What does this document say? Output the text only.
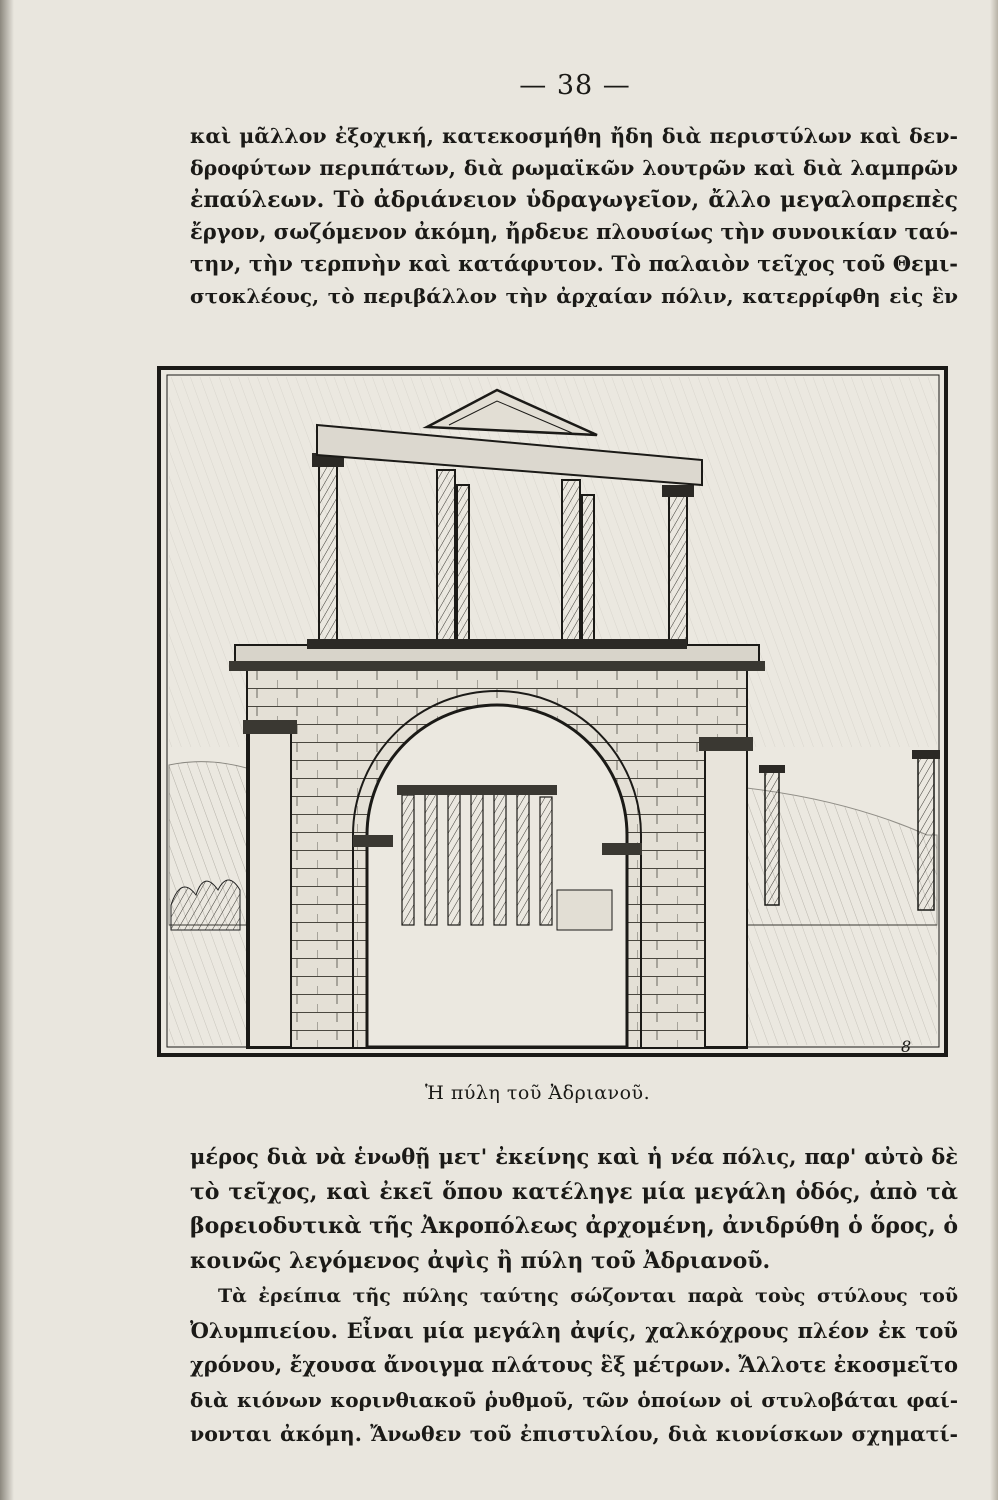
— 38 —

καὶ μᾶλλον ἐξοχική, κατεκοσμήθη ἤδη διὰ περιστύλων καὶ δεν-
δροφύτων περιπάτων, διὰ ρωμαϊκῶν λουτρῶν καὶ διὰ λαμπρῶν
ἐπαύλεων. Τὸ ἀδριάνειον ὑδραγωγεῖον, ἄλλο μεγαλοπρεπὲς
ἔργον, σωζόμενον ἀκόμη, ἤρδευε πλουσίως τὴν συνοικίαν ταύ-
την, τὴν τερπνὴν καὶ κατάφυτον. Τὸ παλαιὸν τεῖχος τοῦ Θεμι-
στοκλέους, τὸ περιβάλλον τὴν ἀρχαίαν πόλιν, κατερρίφθη εἰς ἓν

8
Ἡ πύλη τοῦ Ἀδριανοῦ.

μέρος διὰ νὰ ἑνωθῇ μετ' ἐκείνης καὶ ἡ νέα πόλις, παρ' αὐτὸ δὲ
τὸ τεῖχος, καὶ ἐκεῖ ὅπου κατέληγε μία μεγάλη ὁδός, ἀπὸ τὰ
βορειοδυτικὰ τῆς Ἀκροπόλεως ἀρχομένη, ἀνιδρύθη ὁ ὅρος, ὁ
κοινῶς λεγόμενος ἀψὶς ἢ πύλη τοῦ Ἀδριανοῦ.

Τὰ ἐρείπια τῆς πύλης ταύτης σώζονται παρὰ τοὺς στύλους τοῦ
Ὀλυμπιείου. Εἶναι μία μεγάλη ἀψίς, χαλκόχρους πλέον ἐκ τοῦ
χρόνου, ἔχουσα ἄνοιγμα πλάτους ἓξ μέτρων. Ἄλλοτε ἐκοσμεῖτο
διὰ κιόνων κορινθιακοῦ ῥυθμοῦ, τῶν ὁποίων οἱ στυλοβάται φαί-
νονται ἀκόμη. Ἄνωθεν τοῦ ἐπιστυλίου, διὰ κιονίσκων σχηματί-
